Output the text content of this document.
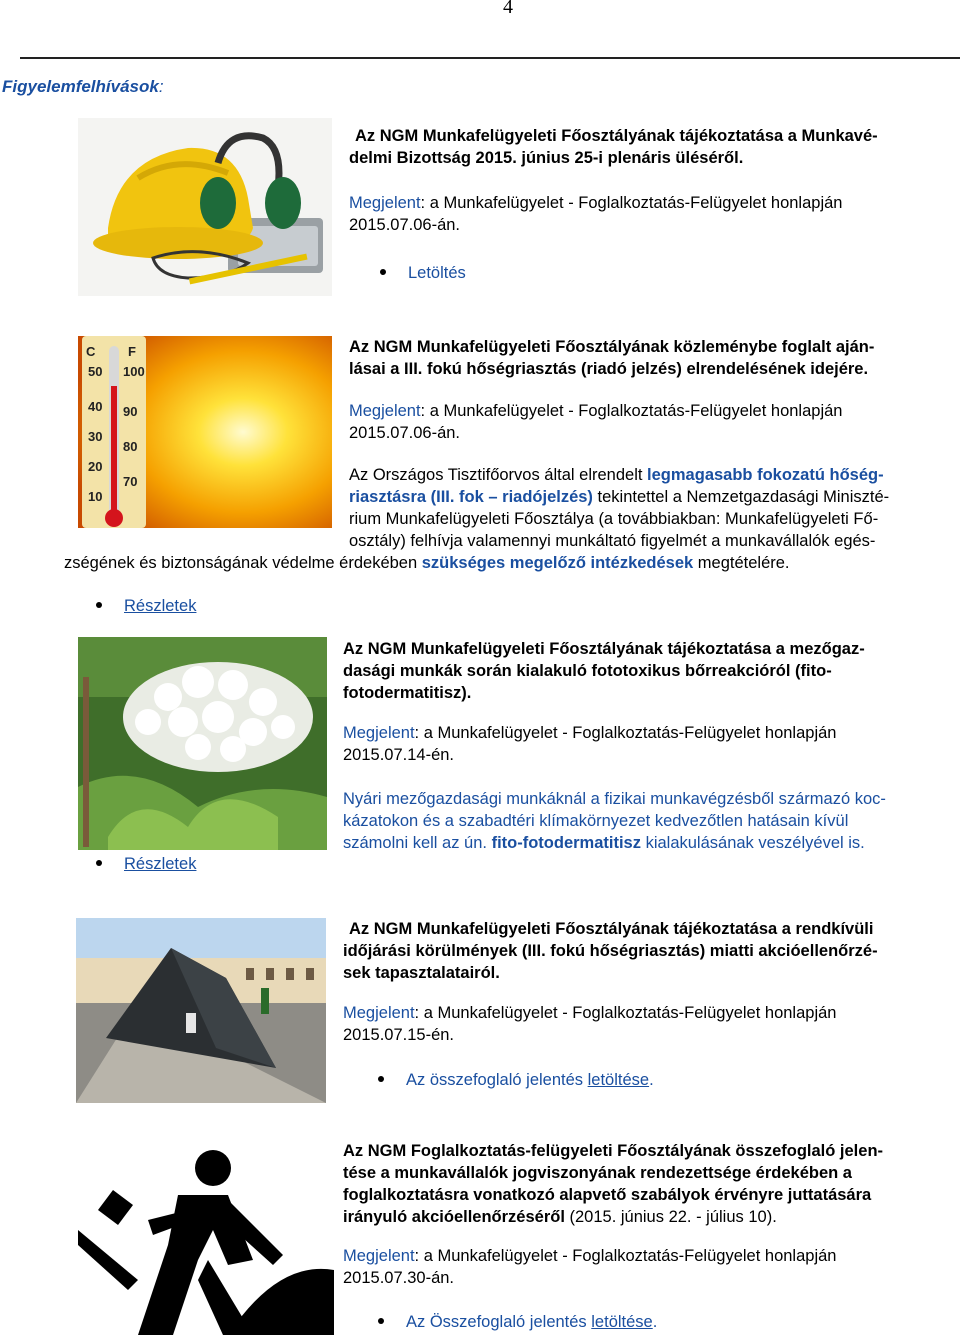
4
Figyelemfelhívások:
Az NGM Munkafelügyeleti Főosztályának tájékoztatása a Munkavé-
delmi Bizottság 2015. június 25-i plenáris üléséről.
Megjelent: a Munkafelügyelet - Foglalkoztatás-Felügyelet honlapján
2015.07.06-án.
Letöltés
50 100
40 90
30
80
20
70
10
C	F	Az NGM Munkafelügyeleti Főosztályának közleménybe foglalt aján-
lásai a III. fokú hőségriasztás (riadó jelzés) elrendelésének idejére.
Megjelent: a Munkafelügyelet - Foglalkoztatás-Felügyelet honlapján
2015.07.06-án.
Az Országos Tisztifőorvos által elrendelt legmagasabb fokozatú hőség-
riasztásra (III. fok – riadójelzés) tekintettel a Nemzetgazdasági Miniszté-
rium Munkafelügyeleti Főosztálya (a továbbiakban: Munkafelügyeleti Fő-
osztály) felhívja valamennyi munkáltató figyelmét a munkavállalók egés-
zségének és biztonságának védelme érdekében szükséges megelőző intézkedések megtételére.
Részletek
Az NGM Munkafelügyeleti Főosztályának tájékoztatása a mezőgaz-
dasági munkák során kialakuló fototoxikus bőrreakcióról (fito-
fotodermatitisz).
Megjelent: a Munkafelügyelet - Foglalkoztatás-Felügyelet honlapján
2015.07.14-én.
Nyári mezőgazdasági munkáknál a fizikai munkavégzésből származó koc-
kázatokon és a szabadtéri klímakörnyezet kedvezőtlen hatásain kívül
számolni kell az ún. fito-fotodermatitisz kialakulásának veszélyével is.
Részletek
Az NGM Munkafelügyeleti Főosztályának tájékoztatása a rendkívüli
időjárási körülmények (III. fokú hőségriasztás) miatti akcióellenőrzé-
sek tapasztalatairól.
Megjelent: a Munkafelügyelet - Foglalkoztatás-Felügyelet honlapján
2015.07.15-én.
Az összefoglaló jelentés letöltése.
Az NGM Foglalkoztatás-felügyeleti Főosztályának összefoglaló jelen-
tése a munkavállalók jogviszonyának rendezettsége érdekében a
foglalkoztatásra vonatkozó alapvető szabályok érvényre juttatására
irányuló akcióellenőrzéséről (2015. június 22. - július 10).
Megjelent: a Munkafelügyelet - Foglalkoztatás-Felügyelet honlapján
2015.07.30-án.
Az Összefoglaló jelentés letöltése.
